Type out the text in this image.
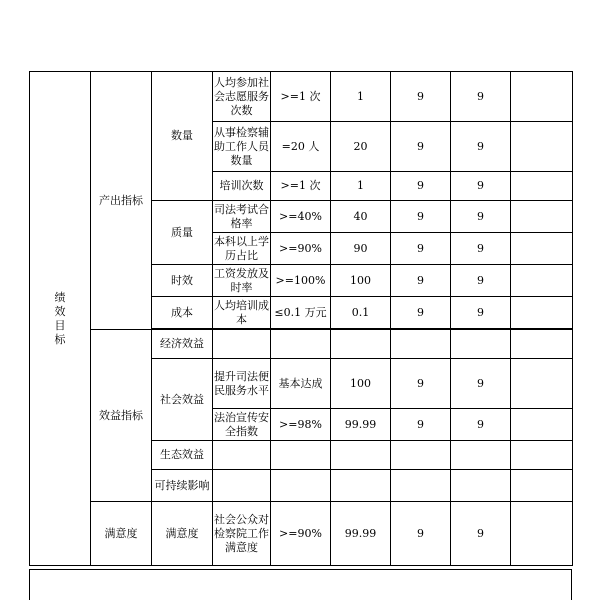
绩效目标	产出指标	数量	人均参加社会志愿服务次数	>=1 次	1	9	9	
			从事检察辅助工作人员数量	=20 人	20	9	9	
			培训次数	>=1 次	1	9	9	
		质量	司法考试合格率	>=40%	40	9	9	
			本科以上学历占比	>=90%	90	9	9	
		时效	工资发放及时率	>=100%	100	9	9	
		成本	人均培训成本	≤0.1 万元	0.1	9	9	

	效益指标	经济效益						
		社会效益	提升司法便民服务水平	基本达成	100	9	9	
			法治宣传安全指数	>=98%	99.99	9	9	
		生态效益						
		可持续影响						
	满意度	满意度	社会公众对检察院工作满意度	>=90%	99.99	9	9	
